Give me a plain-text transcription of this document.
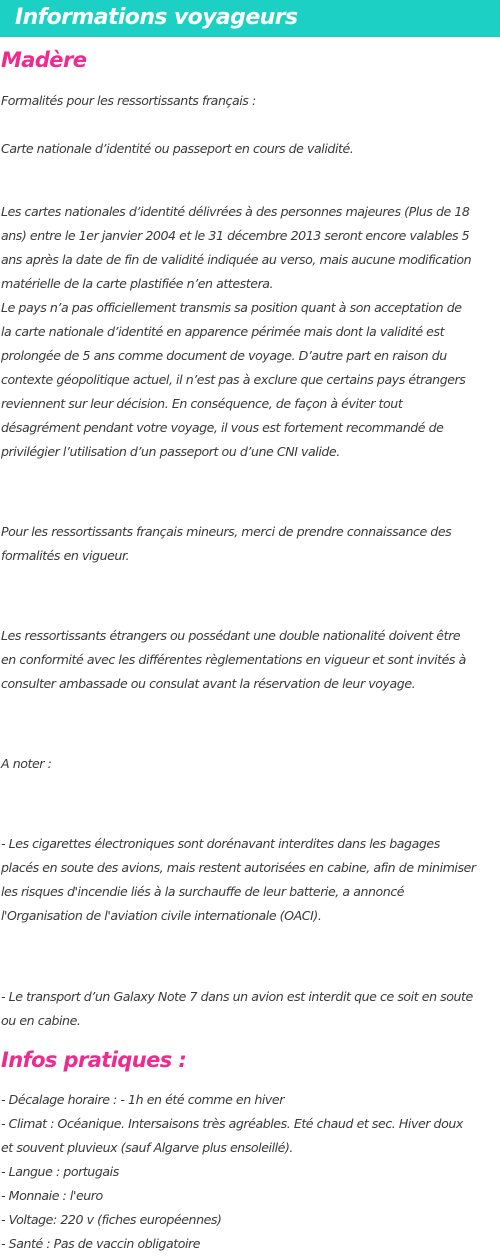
Informations voyageurs
Madère
Formalités pour les ressortissants français :
Carte nationale d’identité ou passeport en cours de validité.
Les cartes nationales d’identité délivrées à des personnes majeures (Plus de 18
ans) entre le 1er janvier 2004 et le 31 décembre 2013 seront encore valables 5
ans après la date de fin de validité indiquée au verso, mais aucune modification
matérielle de la carte plastifiée n’en attestera.
Le pays n’a pas officiellement transmis sa position quant à son acceptation de
la carte nationale d’identité en apparence périmée mais dont la validité est
prolongée de 5 ans comme document de voyage. D’autre part en raison du
contexte géopolitique actuel, il n’est pas à exclure que certains pays étrangers
reviennent sur leur décision. En conséquence, de façon à éviter tout
désagrément pendant votre voyage, il vous est fortement recommandé de
privilégier l’utilisation d’un passeport ou d’une CNI valide.
Pour les ressortissants français mineurs, merci de prendre connaissance des
formalités en vigueur.
Les ressortissants étrangers ou possédant une double nationalité doivent être
en conformité avec les différentes règlementations en vigueur et sont invités à
consulter ambassade ou consulat avant la réservation de leur voyage.
A noter :
- Les cigarettes électroniques sont dorénavant interdites dans les bagages
placés en soute des avions, mais restent autorisées en cabine, afin de minimiser
les risques d'incendie liés à la surchauffe de leur batterie, a annoncé
l'Organisation de l'aviation civile internationale (OACI).
- Le transport d’un Galaxy Note 7 dans un avion est interdit que ce soit en soute
ou en cabine.
Infos pratiques :
- Décalage horaire : - 1h en été comme en hiver
- Climat : Océanique. Intersaisons très agréables. Eté chaud et sec. Hiver doux
et souvent pluvieux (sauf Algarve plus ensoleillé).
- Langue : portugais
- Monnaie : l'euro
- Voltage: 220 v (fiches européennes)
- Santé : Pas de vaccin obligatoire
